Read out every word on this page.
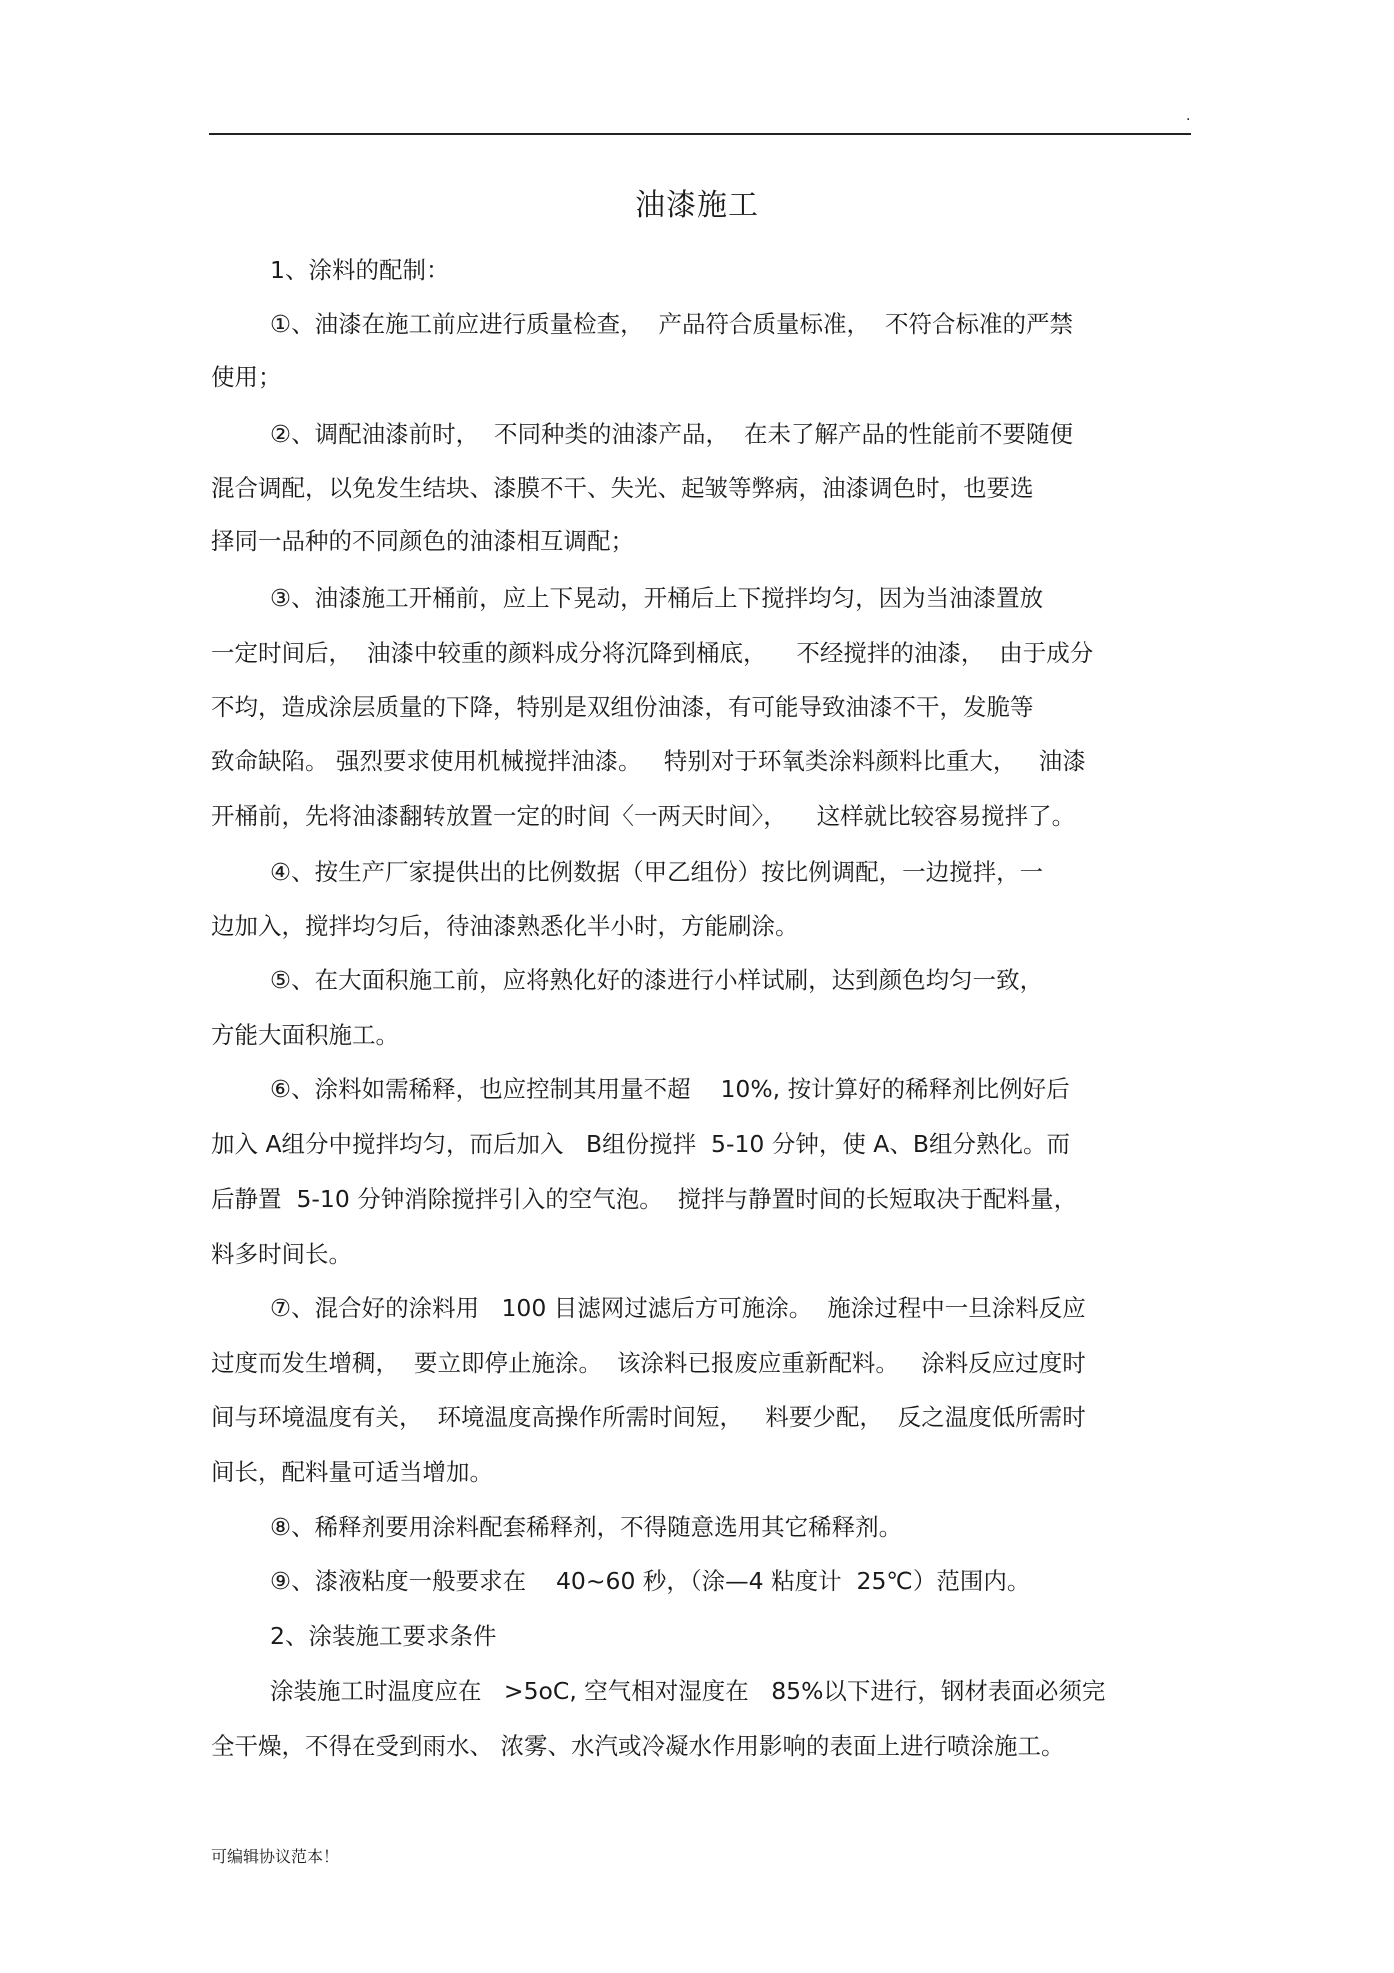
.
油漆施工
1、涂料的配制：
①、油漆在施工前应进行质量检查，  产品符合质量标准，  不符合标准的严禁
使用；
②、调配油漆前时，  不同种类的油漆产品，  在未了解产品的性能前不要随便
混合调配，以免发生结块、漆膜不干、失光、起皱等弊病，油漆调色时，也要选
择同一品种的不同颜色的油漆相互调配；
③、油漆施工开桶前，应上下晃动，开桶后上下搅拌均匀，因为当油漆置放
一定时间后，  油漆中较重的颜料成分将沉降到桶底，    不经搅拌的油漆，  由于成分
不均，造成涂层质量的下降，特别是双组份油漆，有可能导致油漆不干，发脆等
致命缺陷。 强烈要求使用机械搅拌油漆。   特别对于环氧类涂料颜料比重大，   油漆
开桶前，先将油漆翻转放置一定的时间〈一两天时间〉，    这样就比较容易搅拌了。
④、按生产厂家提供出的比例数据（甲乙组份）按比例调配，一边搅拌，一
边加入，搅拌均匀后，待油漆熟悉化半小时，方能刷涂。
⑤、在大面积施工前，应将熟化好的漆进行小样试刷，达到颜色均匀一致，
方能大面积施工。
⑥、涂料如需稀释，也应控制其用量不超    10%, 按计算好的稀释剂比例好后
加入 A组分中搅拌均匀，而后加入   B组份搅拌  5-10 分钟，使 A、B组分熟化。而
后静置  5-10 分钟消除搅拌引入的空气泡。  搅拌与静置时间的长短取决于配料量，
料多时间长。
⑦、混合好的涂料用   100 目滤网过滤后方可施涂。  施涂过程中一旦涂料反应
过度而发生增稠，  要立即停止施涂。  该涂料已报废应重新配料。   涂料反应过度时
间与环境温度有关，  环境温度高操作所需时间短，   料要少配，  反之温度低所需时
间长，配料量可适当增加。
⑧、稀释剂要用涂料配套稀释剂，不得随意选用其它稀释剂。
⑨、漆液粘度一般要求在    40~60 秒，（涂—4 粘度计  25℃）范围内。
2、涂装施工要求条件
涂装施工时温度应在   >5oC, 空气相对湿度在   85%以下进行，钢材表面必须完
全干燥，不得在受到雨水、 浓雾、水汽或冷凝水作用影响的表面上进行喷涂施工。
可编辑协议范本！
